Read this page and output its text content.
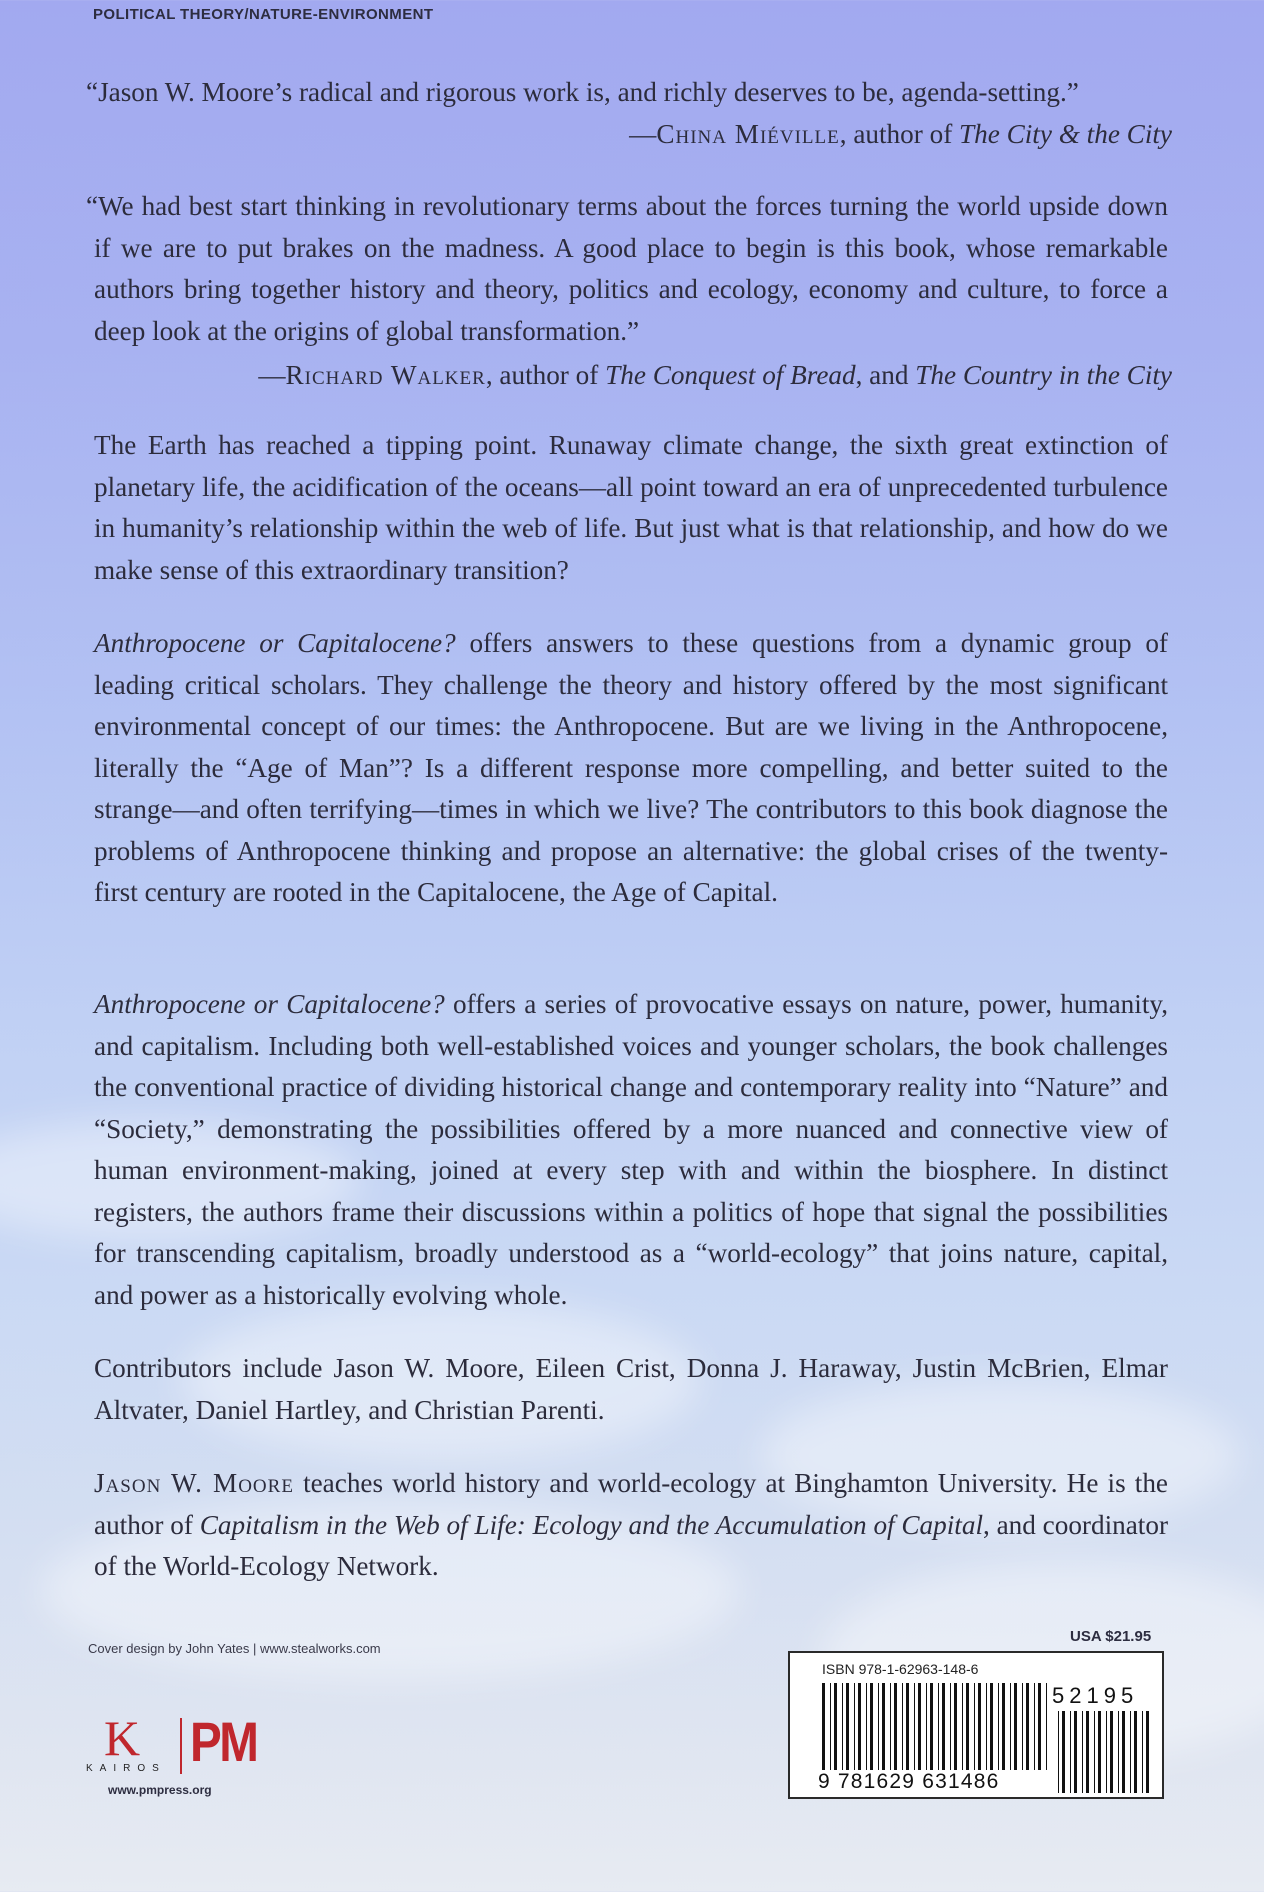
POLITICAL THEORY/NATURE-ENVIRONMENT

“Jason W. Moore’s radical and rigorous work is, and richly deserves to be, agenda-setting.”

—China Miéville, author of The City & the City

“We had best start thinking in revolutionary terms about the forces turning the world upside down if we are to put brakes on the madness. A good place to begin is this book, whose remarkable authors bring together history and theory, politics and ecology, economy and culture, to force a deep look at the origins of global transformation.”

—Richard Walker, author of The Conquest of Bread, and The Country in the City

The Earth has reached a tipping point. Runaway climate change, the sixth great extinction of planetary life, the acidification of the oceans—all point toward an era of unprecedented turbulence in humanity’s relationship within the web of life. But just what is that relationship, and how do we make sense of this extraordinary transition?

Anthropocene or Capitalocene? offers answers to these questions from a dynamic group of leading critical scholars. They challenge the theory and history offered by the most significant environmental concept of our times: the Anthropocene. But are we living in the Anthropocene, literally the “Age of Man”? Is a different response more compelling, and better suited to the strange—and often terrifying—times in which we live? The contributors to this book diagnose the problems of Anthropocene thinking and propose an alternative: the global crises of the twenty-first century are rooted in the Capitalocene, the Age of Capital.

Anthropocene or Capitalocene? offers a series of provocative essays on nature, power, humanity, and capitalism. Including both well-established voices and younger scholars, the book challenges the conventional practice of dividing historical change and contemporary reality into “Nature” and “Society,” demonstrating the possibilities offered by a more nuanced and connective view of human environment-making, joined at every step with and within the biosphere. In distinct registers, the authors frame their discussions within a politics of hope that signal the possibilities for transcending capitalism, broadly understood as a “world-ecology” that joins nature, capital, and power as a historically evolving whole.

Contributors include Jason W. Moore, Eileen Crist, Donna J. Haraway, Justin McBrien, Elmar Altvater, Daniel Hartley, and Christian Parenti.

Jason W. Moore teaches world history and world-ecology at Binghamton University. He is the author of Capitalism in the Web of Life: Ecology and the Accumulation of Capital, and coordinator of the World-Ecology Network.

Cover design by John Yates | www.stealworks.com
USA $21.95
ISBN 978-1-62963-148-6
52195
9 781629 631486
K
KAIROS PM
www.pmpress.org
